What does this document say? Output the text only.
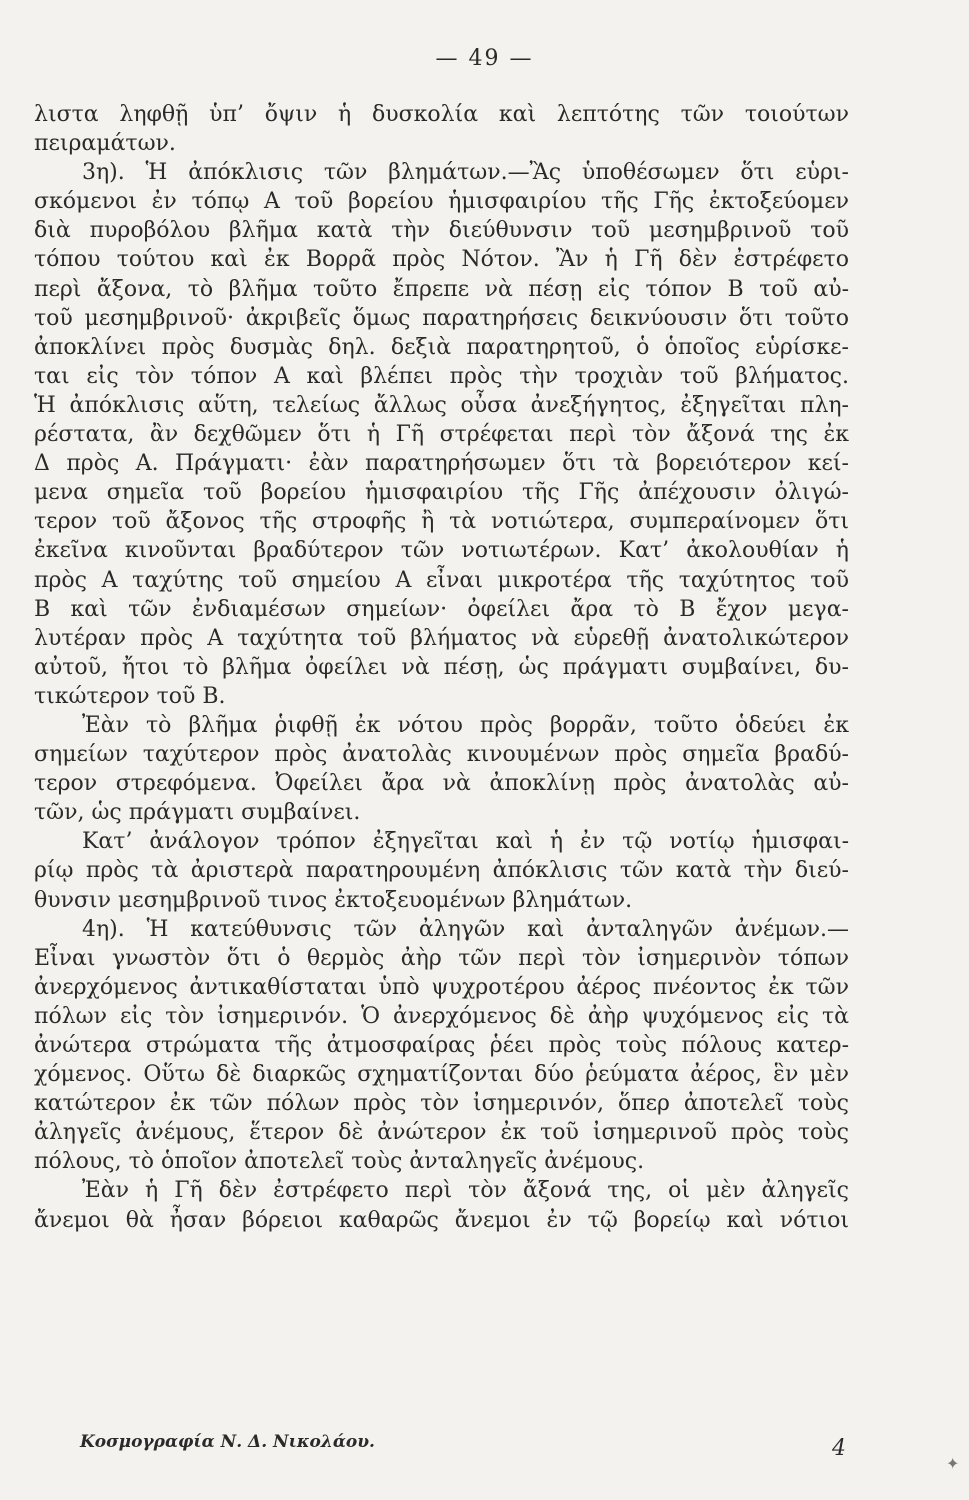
— 49 —
λιστα ληφθῇ ὑπ’ ὄψιν ἡ δυσκολία καὶ λεπτότης τῶν τοιούτων
πειραμάτων.
3η). Ἡ ἀπόκλισις τῶν βλημάτων.—Ἂς ὑποθέσωμεν ὅτι εὑρι-
σκόμενοι ἐν τόπῳ Α τοῦ βορείου ἡμισφαιρίου τῆς Γῆς ἐκτοξεύομεν
διὰ πυροβόλου βλῆμα κατὰ τὴν διεύθυνσιν τοῦ μεσημβρινοῦ τοῦ
τόπου τούτου καὶ ἐκ Βορρᾶ πρὸς Νότον. Ἂν ἡ Γῆ δὲν ἐστρέφετο
περὶ ἄξονα, τὸ βλῆμα τοῦτο ἔπρεπε νὰ πέσῃ εἰς τόπον Β τοῦ αὐ-
τοῦ μεσημβρινοῦ· ἀκριβεῖς ὅμως παρατηρήσεις δεικνύουσιν ὅτι τοῦτο
ἀποκλίνει πρὸς δυσμὰς δηλ. δεξιὰ παρατηρητοῦ, ὁ ὁποῖος εὑρίσκε-
ται εἰς τὸν τόπον Α καὶ βλέπει πρὸς τὴν τροχιὰν τοῦ βλήματος.
Ἡ ἀπόκλισις αὕτη, τελείως ἄλλως οὖσα ἀνεξήγητος, ἐξηγεῖται πλη-
ρέστατα, ἂν δεχθῶμεν ὅτι ἡ Γῆ στρέφεται περὶ τὸν ἄξονά της ἐκ
Δ πρὸς Α. Πράγματι· ἐὰν παρατηρήσωμεν ὅτι τὰ βορειότερον κεί-
μενα σημεῖα τοῦ βορείου ἡμισφαιρίου τῆς Γῆς ἀπέχουσιν ὀλιγώ-
τερον τοῦ ἄξονος τῆς στροφῆς ἢ τὰ νοτιώτερα, συμπεραίνομεν ὅτι
ἐκεῖνα κινοῦνται βραδύτερον τῶν νοτιωτέρων. Κατ’ ἀκολουθίαν ἡ
πρὸς Α ταχύτης τοῦ σημείου Α εἶναι μικροτέρα τῆς ταχύτητος τοῦ
Β καὶ τῶν ἐνδιαμέσων σημείων· ὀφείλει ἄρα τὸ Β ἔχον μεγα-
λυτέραν πρὸς Α ταχύτητα τοῦ βλήματος νὰ εὑρεθῇ ἀνατολικώτερον
αὐτοῦ, ἤτοι τὸ βλῆμα ὀφείλει νὰ πέσῃ, ὡς πράγματι συμβαίνει, δυ-
τικώτερον τοῦ Β.
Ἐὰν τὸ βλῆμα ῥιφθῇ ἐκ νότου πρὸς βορρᾶν, τοῦτο ὁδεύει ἐκ
σημείων ταχύτερον πρὸς ἀνατολὰς κινουμένων πρὸς σημεῖα βραδύ-
τερον στρεφόμενα. Ὀφείλει ἄρα νὰ ἀποκλίνῃ πρὸς ἀνατολὰς αὐ-
τῶν, ὡς πράγματι συμβαίνει.
Κατ’ ἀνάλογον τρόπον ἐξηγεῖται καὶ ἡ ἐν τῷ νοτίῳ ἡμισφαι-
ρίῳ πρὸς τὰ ἀριστερὰ παρατηρουμένη ἀπόκλισις τῶν κατὰ τὴν διεύ-
θυνσιν μεσημβρινοῦ τινος ἐκτοξευομένων βλημάτων.
4η). Ἡ κατεύθυνσις τῶν ἀληγῶν καὶ ἀνταληγῶν ἀνέμων.—
Εἶναι γνωστὸν ὅτι ὁ θερμὸς ἀὴρ τῶν περὶ τὸν ἰσημερινὸν τόπων
ἀνερχόμενος ἀντικαθίσταται ὑπὸ ψυχροτέρου ἀέρος πνέοντος ἐκ τῶν
πόλων εἰς τὸν ἰσημερινόν. Ὁ ἀνερχόμενος δὲ ἀὴρ ψυχόμενος εἰς τὰ
ἀνώτερα στρώματα τῆς ἀτμοσφαίρας ῥέει πρὸς τοὺς πόλους κατερ-
χόμενος. Οὕτω δὲ διαρκῶς σχηματίζονται δύο ῥεύματα ἀέρος, ἓν μὲν
κατώτερον ἐκ τῶν πόλων πρὸς τὸν ἰσημερινόν, ὅπερ ἀποτελεῖ τοὺς
ἀληγεῖς ἀνέμους, ἕτερον δὲ ἀνώτερον ἐκ τοῦ ἰσημερινοῦ πρὸς τοὺς
πόλους, τὸ ὁποῖον ἀποτελεῖ τοὺς ἀνταληγεῖς ἀνέμους.
Ἐὰν ἡ Γῆ δὲν ἐστρέφετο περὶ τὸν ἄξονά της, οἱ μὲν ἀληγεῖς
ἄνεμοι θὰ ἦσαν βόρειοι καθαρῶς ἄνεμοι ἐν τῷ βορείῳ καὶ νότιοι
Κοσμογραφία Ν. Δ. Νικολάου.	4
✦
